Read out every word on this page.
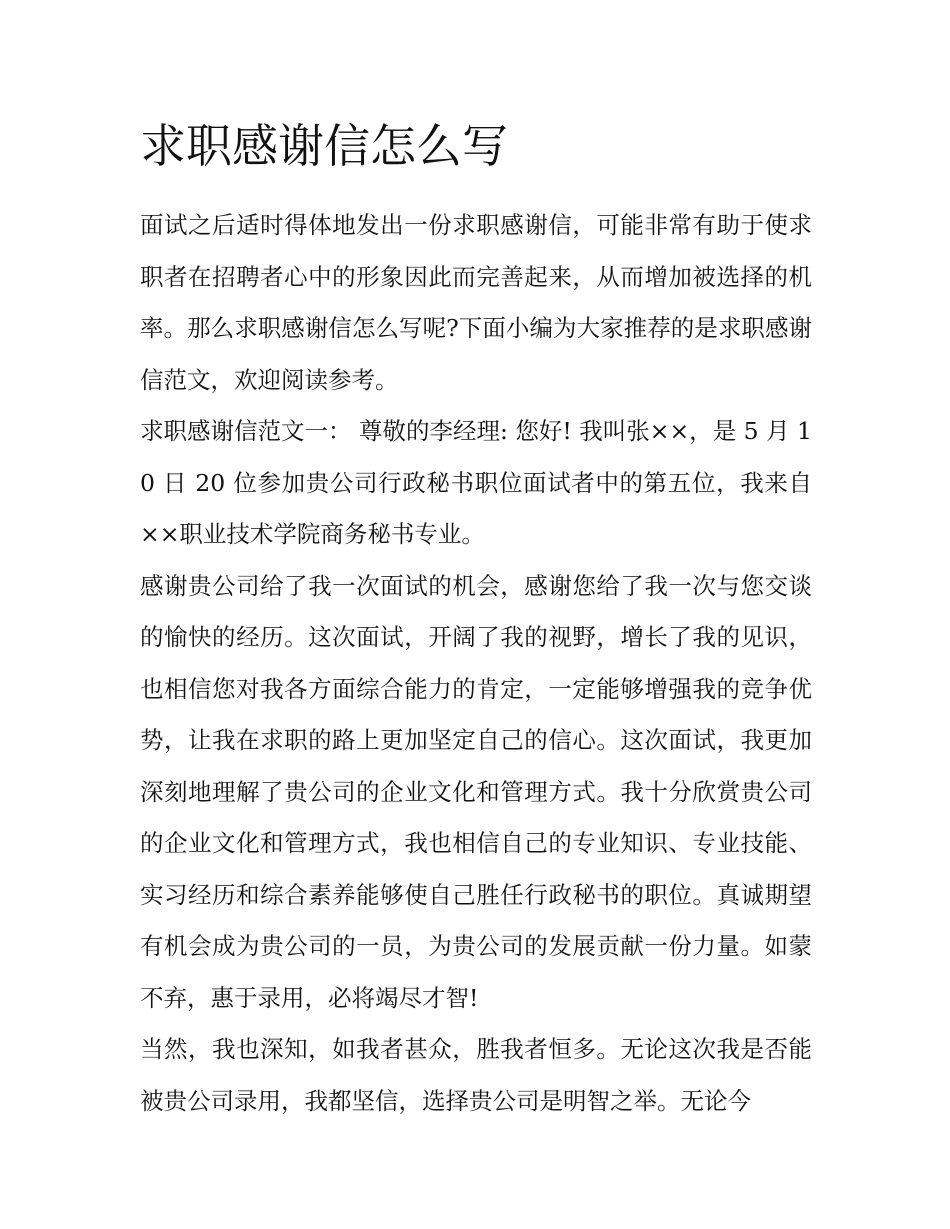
求职感谢信怎么写

面试之后适时得体地发出一份求职感谢信，可能非常有助于使求职者在招聘者心中的形象因此而完善起来，从而增加被选择的机率。那么求职感谢信怎么写呢?下面小编为大家推荐的是求职感谢信范文，欢迎阅读参考。

求职感谢信范文一： 尊敬的李经理: 您好! 我叫张××，是 5 月 10 日 20 位参加贵公司行政秘书职位面试者中的第五位，我来自××职业技术学院商务秘书专业。

感谢贵公司给了我一次面试的机会，感谢您给了我一次与您交谈的愉快的经历。这次面试，开阔了我的视野，增长了我的见识，也相信您对我各方面综合能力的肯定，一定能够增强我的竞争优势，让我在求职的路上更加坚定自己的信心。这次面试，我更加深刻地理解了贵公司的企业文化和管理方式。我十分欣赏贵公司的企业文化和管理方式，我也相信自己的专业知识、专业技能、实习经历和综合素养能够使自己胜任行政秘书的职位。真诚期望有机会成为贵公司的一员，为贵公司的发展贡献一份力量。如蒙不弃，惠于录用，必将竭尽才智!

当然，我也深知，如我者甚众，胜我者恒多。无论这次我是否能被贵公司录用，我都坚信，选择贵公司是明智之举。无论今
